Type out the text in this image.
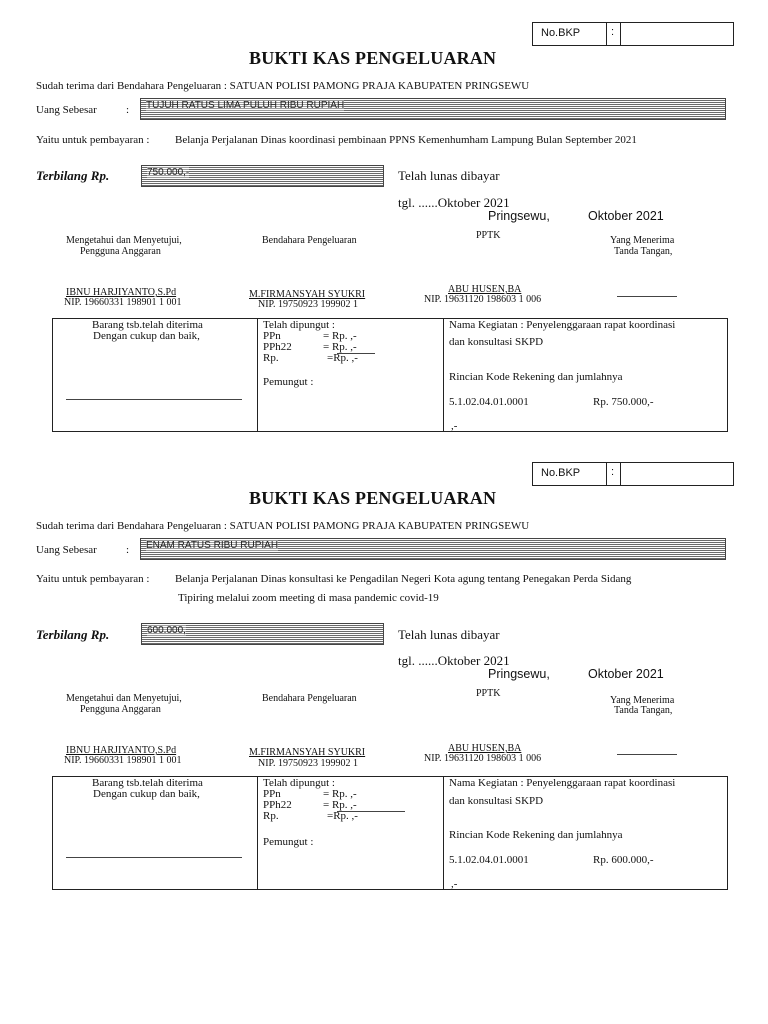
No.BKP	:
BUKTI KAS PENGELUARAN
Sudah terima dari Bendahara Pengeluaran : SATUAN POLISI PAMONG PRAJA KABUPATEN PRINGSEWU
Uang Sebesar	: TUJUH RATUS LIMA PULUH RIBU RUPIAH
Yaitu untuk pembayaran : Belanja Perjalanan Dinas koordinasi pembinaan PPNS Kemenhumham Lampung Bulan September 2021
Terbilang Rp.	750.000,-	Telah lunas dibayar
tgl. ......Oktober 2021
Pringsewu,	Oktober 2021
PPTK
Mengetahui dan Menyetujui,
Pengguna Anggaran
Bendahara Pengeluaran	Yang Menerima
Tanda Tangan,
IBNU HARJIYANTO,S.Pd
NIP. 19660331 198901 1 001
M.FIRMANSYAH SYUKRI
NIP. 19750923 199902 1
ABU HUSEN,BA
NIP. 19631120 198603 1 006
Barang tsb.telah diterima
Dengan cukup dan baik,
Telah dipungut :
PPn	= Rp. ,-
PPh22	= Rp. ,-
Rp.	=Rp. ,-
Pemungut :
Nama Kegiatan : Penyelenggaraan rapat koordinasi
dan konsultasi SKPD
Rincian Kode Rekening dan jumlahnya
5.1.02.04.01.0001	Rp. 750.000,-
,-
No.BKP	:
BUKTI KAS PENGELUARAN
Sudah terima dari Bendahara Pengeluaran : SATUAN POLISI PAMONG PRAJA KABUPATEN PRINGSEWU
Uang Sebesar	: ENAM RATUS RIBU RUPIAH
Yaitu untuk pembayaran : Belanja Perjalanan Dinas konsultasi ke Pengadilan Negeri Kota agung tentang Penegakan Perda Sidang
Tipiring melalui zoom meeting di masa pandemic covid-19
Terbilang Rp.	600.000,	Telah lunas dibayar
tgl. ......Oktober 2021
Pringsewu,	Oktober 2021
PPTK
Mengetahui dan Menyetujui,
Pengguna Anggaran
Bendahara Pengeluaran	Yang Menerima
Tanda Tangan,
IBNU HARJIYANTO,S.Pd
NIP. 19660331 198901 1 001
M.FIRMANSYAH SYUKRI
NIP. 19750923 199902 1
ABU HUSEN,BA
NIP. 19631120 198603 1 006
Barang tsb.telah diterima
Dengan cukup dan baik,
Telah dipungut :
PPn	= Rp. ,-
PPh22	= Rp. ,-
Rp.	=Rp. ,-
Pemungut :
Nama Kegiatan : Penyelenggaraan rapat koordinasi
dan konsultasi SKPD
Rincian Kode Rekening dan jumlahnya
5.1.02.04.01.0001	Rp. 600.000,-
,-
